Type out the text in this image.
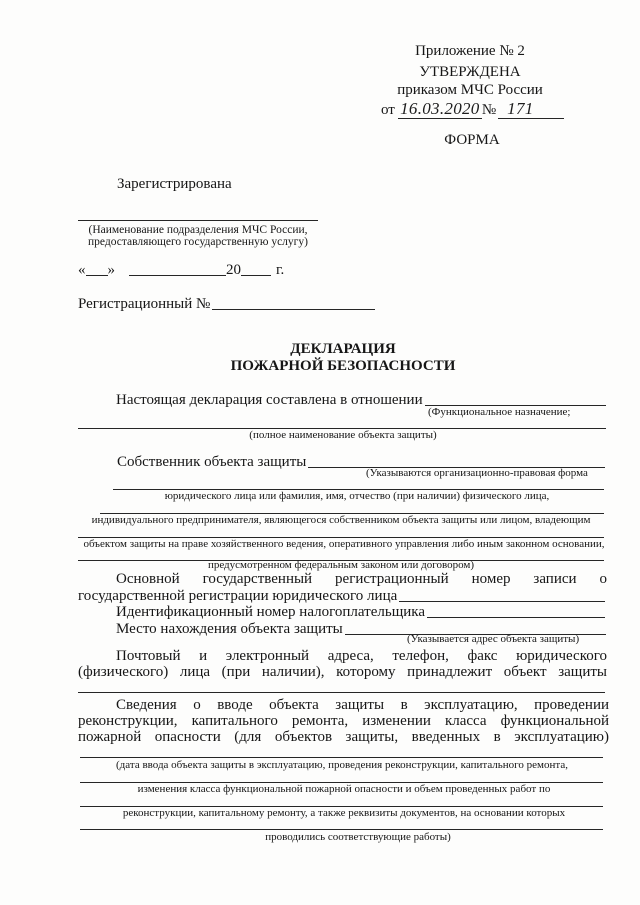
Приложение № 2
УТВЕРЖДЕНА
приказом МЧС России
от 16.03.2020 № 171
ФОРМА
Зарегистрирована
(Наименование подразделения МЧС России,
предоставляющего государственную услугу)
« »	20 г.
Регистрационный №
ДЕКЛАРАЦИЯ
ПОЖАРНОЙ БЕЗОПАСНОСТИ
Настоящая декларация составлена в отношении
(Функциональное назначение;
(полное наименование объекта защиты)
Собственник объекта защиты
(Указываются организационно-правовая форма
юридического лица или фамилия, имя, отчество (при наличии) физического лица,
индивидуального предпринимателя, являющегося собственником объекта защиты или лицом, владеющим
объектом защиты на праве хозяйственного ведения, оперативного управления либо иным законном основании,
предусмотренном федеральным законом или договором)
Основной государственный регистрационный номер записи о
государственной регистрации юридического лица
Идентификационный номер налогоплательщика
Место нахождения объекта защиты
(Указывается адрес объекта защиты)
Почтовый и электронный адреса, телефон, факс юридического
(физического) лица (при наличии), которому принадлежит объект защиты
Сведения о вводе объекта защиты в эксплуатацию, проведении
реконструкции, капитального ремонта, изменении класса функциональной
пожарной опасности (для объектов защиты, введенных в эксплуатацию)
(дата ввода объекта защиты в эксплуатацию, проведения реконструкции, капитального ремонта,
изменения класса функциональной пожарной опасности и объем проведенных работ по
реконструкции, капитальному ремонту, а также реквизиты документов, на основании которых
проводились соответствующие работы)
